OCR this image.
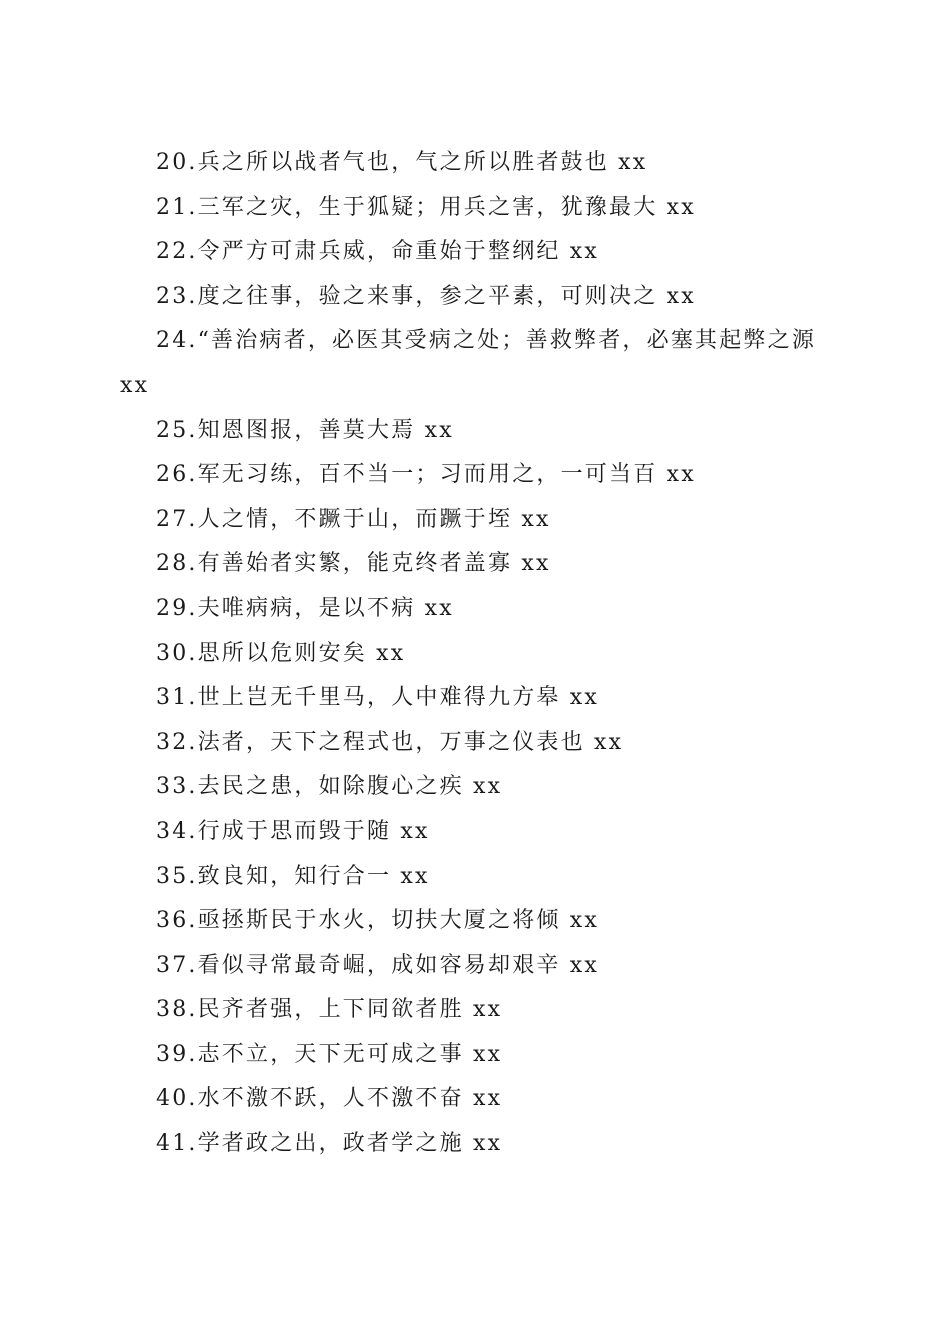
20.兵之所以战者气也，气之所以胜者鼓也 xx
21.三军之灾，生于狐疑；用兵之害，犹豫最大 xx
22.令严方可肃兵威，命重始于整纲纪 xx
23.度之往事，验之来事，参之平素，可则决之 xx
24.“善治病者，必医其受病之处；善救弊者，必塞其起弊之源 xx
25.知恩图报，善莫大焉 xx
26.军无习练，百不当一；习而用之，一可当百 xx
27.人之情，不蹶于山，而蹶于垤 xx
28.有善始者实繁，能克终者盖寡 xx
29.夫唯病病，是以不病 xx
30.思所以危则安矣 xx
31.世上岂无千里马，人中难得九方皋 xx
32.法者，天下之程式也，万事之仪表也 xx
33.去民之患，如除腹心之疾 xx
34.行成于思而毁于随 xx
35.致良知，知行合一 xx
36.亟拯斯民于水火，切扶大厦之将倾 xx
37.看似寻常最奇崛，成如容易却艰辛 xx
38.民齐者强，上下同欲者胜 xx
39.志不立，天下无可成之事 xx
40.水不激不跃，人不激不奋 xx
41.学者政之出，政者学之施 xx
